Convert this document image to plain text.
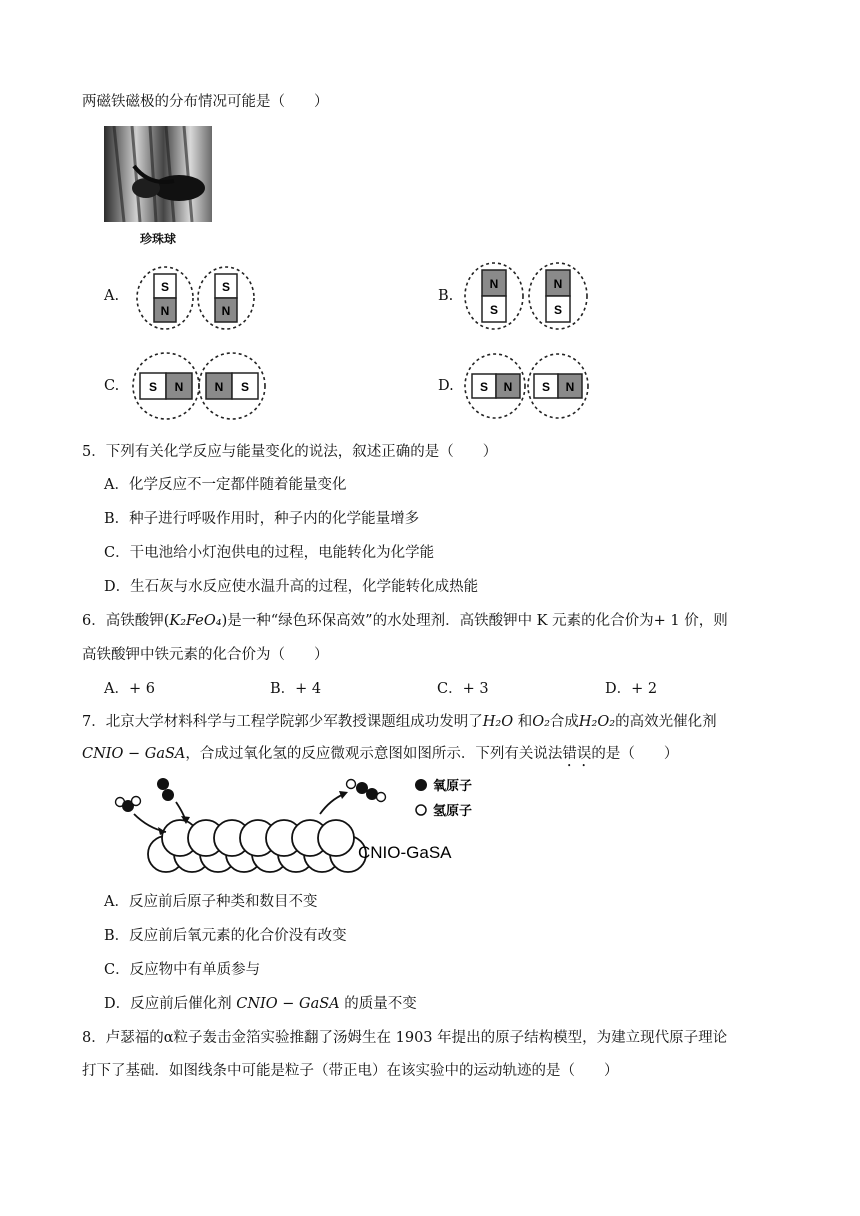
两磁铁磁极的分布情况可能是（　　）
珍珠球
A.
S
N
S
N
B.
N
S
N
S
C. S N	N S	D. S N S N
5．下列有关化学反应与能量变化的说法，叙述正确的是（　　）
A．化学反应不一定都伴随着能量变化
B．种子进行呼吸作用时，种子内的化学能量增多
C．干电池给小灯泡供电的过程，电能转化为化学能
D．生石灰与水反应使水温升高的过程，化学能转化成热能
6．高铁酸钾(K₂FeO₄)是一种“绿色环保高效”的水处理剂．高铁酸钾中 K 元素的化合价为+ 1 价，则
高铁酸钾中铁元素的化合价为（　　）
A．+ 6	B．+ 4	C．+ 3	D．+ 2
7．北京大学材料科学与工程学院郭少军教授课题组成功发明了H₂O 和O₂合成H₂O₂的高效光催化剂
CNIO − GaSA，合成过氧化氢的反应微观示意图如图所示．下列有关说法错误的是（　　）
氧原子
氢原子
CNIO-GaSA
A．反应前后原子种类和数目不变
B．反应前后氧元素的化合价没有改变
C．反应物中有单质参与
D．反应前后催化剂 CNIO − GaSA 的质量不变
8．卢瑟福的α粒子轰击金箔实验推翻了汤姆生在 1903 年提出的原子结构模型，为建立现代原子理论
打下了基础．如图线条中可能是粒子（带正电）在该实验中的运动轨迹的是（　　）
